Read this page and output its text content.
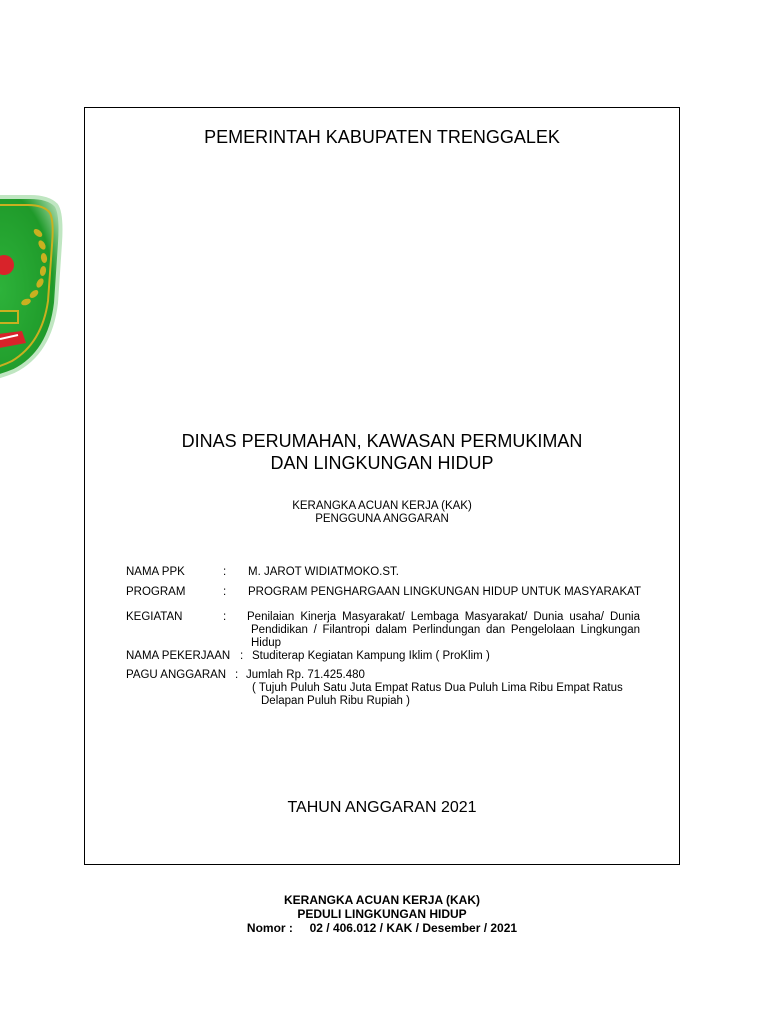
PEMERINTAH KABUPATEN TRENGGALEK
DINAS PERUMAHAN, KAWASAN PERMUKIMAN
DAN LINGKUNGAN HIDUP
KERANGKA ACUAN KERJA (KAK)
PENGGUNA ANGGARAN
NAMA PPK	: M. JAROT WIDIATMOKO.ST.
PROGRAM	: PROGRAM PENGHARGAAN LINGKUNGAN HIDUP UNTUK MASYARAKAT
KEGIATAN	: Penilaian Kinerja Masyarakat/ Lembaga Masyarakat/ Dunia usaha/ Dunia
Pendidikan / Filantropi dalam Perlindungan dan Pengelolaan Lingkungan
Hidup
NAMA PEKERJAAN : Studiterap Kegiatan Kampung Iklim ( ProKlim )
PAGU ANGGARAN : Jumlah Rp. 71.425.480
( Tujuh Puluh Satu Juta Empat Ratus Dua Puluh Lima Ribu Empat Ratus
Delapan Puluh Ribu Rupiah )
TAHUN ANGGARAN 2021
KERANGKA ACUAN KERJA (KAK)
PEDULI LINGKUNGAN HIDUP
Nomor : 02 / 406.012 / KAK / Desember / 2021
